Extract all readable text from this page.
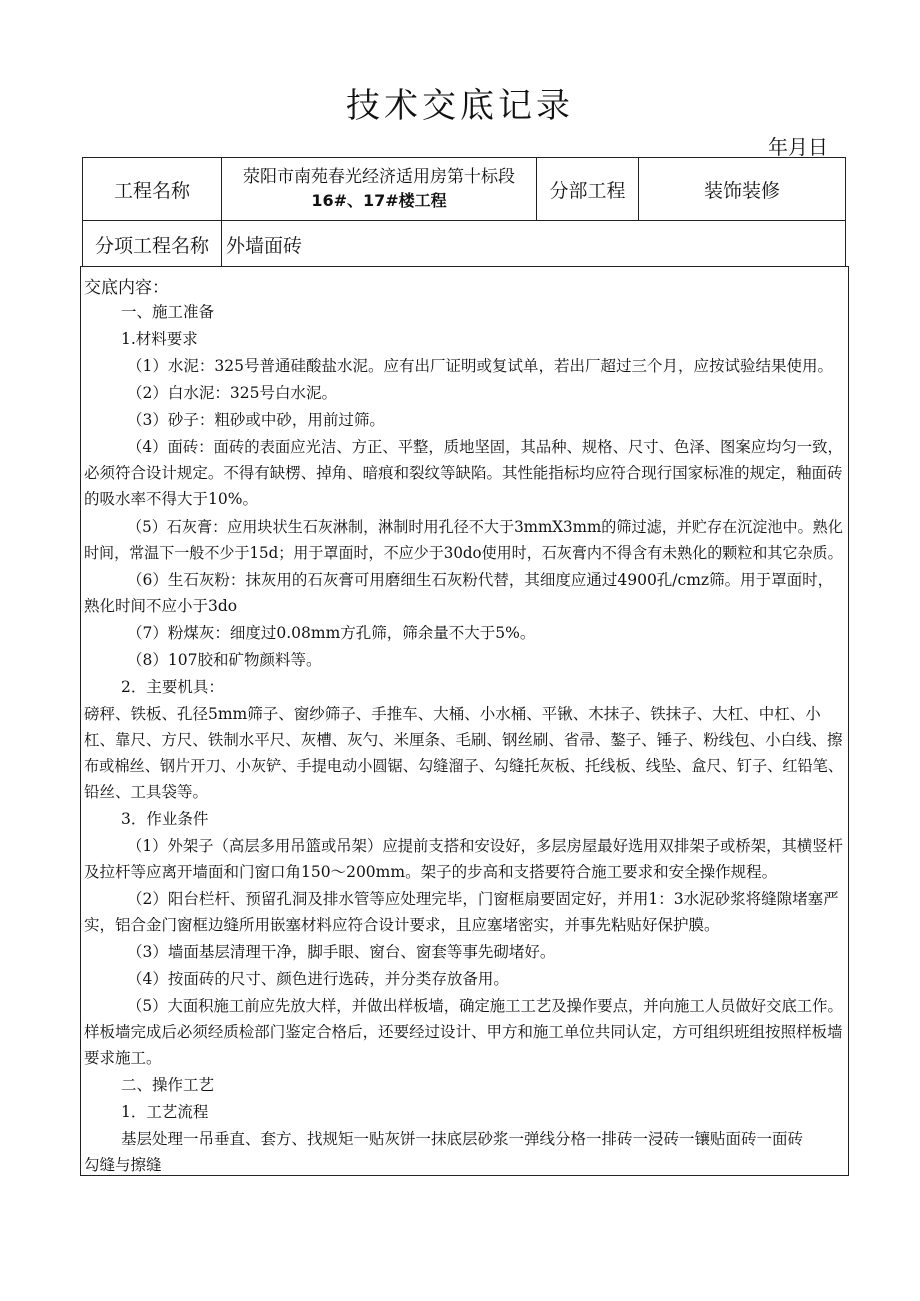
技术交底记录
年月日
工程名称
荥阳市南苑春光经济适用房第十标段
16#、17#楼工程	分部工程	装饰装修
分项工程名称 外墙面砖
交底内容：
一、施工准备
1.材料要求
（1）水泥：325号普通硅酸盐水泥。应有出厂证明或复试单，若出厂超过三个月，应按试验结果使用。
（2）白水泥：325号白水泥。
（3）砂子：粗砂或中砂，用前过筛。
（4）面砖：面砖的表面应光洁、方正、平整，质地坚固，其品种、规格、尺寸、色泽、图案应均匀一致，
必须符合设计规定。不得有缺楞、掉角、暗痕和裂纹等缺陷。其性能指标均应符合现行国家标准的规定，釉面砖
的吸水率不得大于10%。
（5）石灰膏：应用块状生石灰淋制，淋制时用孔径不大于3mmX3mm的筛过滤，并贮存在沉淀池中。熟化
时间，常温下一般不少于15d；用于罩面时，不应少于30do使用时，石灰膏内不得含有未熟化的颗粒和其它杂质。
（6）生石灰粉：抹灰用的石灰膏可用磨细生石灰粉代替，其细度应通过4900孔/cmz筛。用于罩面时，
熟化时间不应小于3do
（7）粉煤灰：细度过0.08mm方孔筛，筛余量不大于5%。
（8）107胶和矿物颜料等。
2．主要机具：
磅秤、铁板、孔径5mm筛子、窗纱筛子、手推车、大桶、小水桶、平锹、木抹子、铁抹子、大杠、中杠、小
杠、靠尺、方尺、铁制水平尺、灰槽、灰勺、米厘条、毛刷、钢丝刷、省帚、鏊子、锤子、粉线包、小白线、擦
布或棉丝、钢片开刀、小灰铲、手提电动小圆锯、勾缝溜子、勾缝托灰板、托线板、线坠、盒尺、钉子、红铅笔、
铅丝、工具袋等。
3．作业条件
（1）外架子（高层多用吊篮或吊架）应提前支搭和安设好，多层房屋最好选用双排架子或桥架，其横竖杆
及拉杆等应离开墙面和门窗口角150～200mm。架子的步高和支搭要符合施工要求和安全操作规程。
（2）阳台栏杆、预留孔洞及排水管等应处理完毕，门窗框扇要固定好，并用1：3水泥砂浆将缝隙堵塞严
实，铝合金门窗框边缝所用嵌塞材料应符合设计要求，且应塞堵密实，并事先粘贴好保护膜。
（3）墙面基层清理干净，脚手眼、窗台、窗套等事先砌堵好。
（4）按面砖的尺寸、颜色进行选砖，并分类存放备用。
（5）大面积施工前应先放大样，并做出样板墙，确定施工工艺及操作要点，并向施工人员做好交底工作。
样板墙完成后必须经质检部门鉴定合格后，还要经过设计、甲方和施工单位共同认定，方可组织班组按照样板墙
要求施工。
二、操作工艺
1．工艺流程
基层处理一吊垂直、套方、找规矩一贴灰饼一抹底层砂浆一弹线分格一排砖一浸砖一镶贴面砖一面砖
勾缝与擦缝
